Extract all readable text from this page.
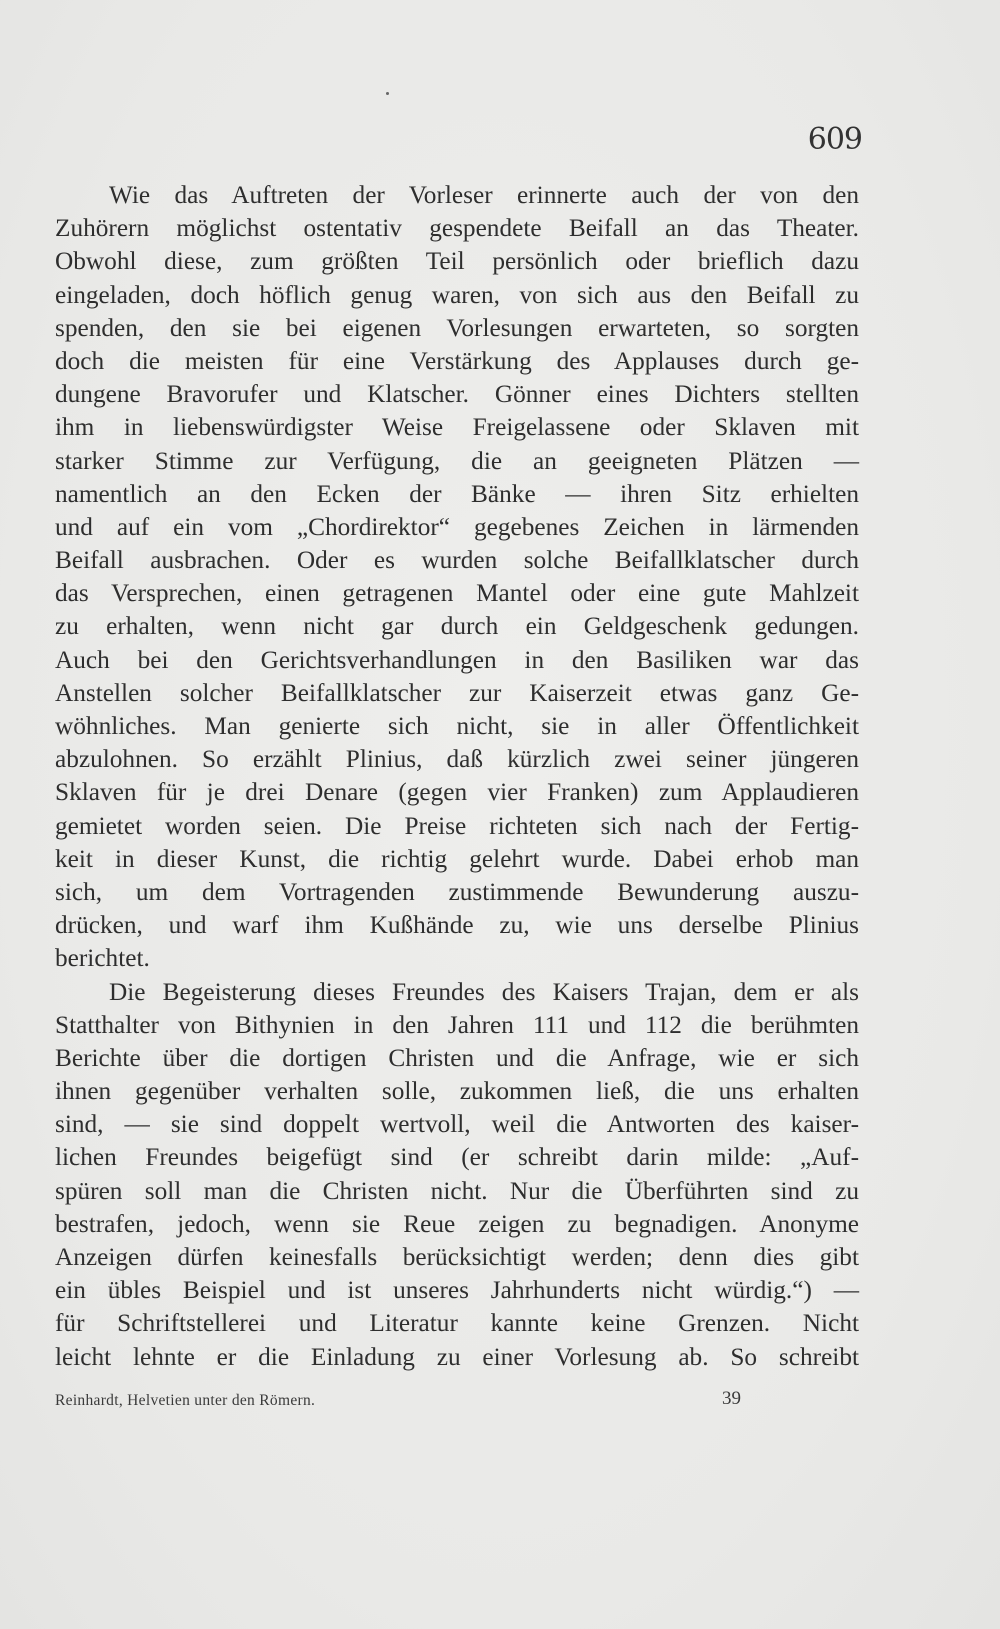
609
Wie das Auftreten der Vorleser erinnerte auch der von den
Zuhörern möglichst ostentativ gespendete Beifall an das Theater.
Obwohl diese, zum größten Teil persönlich oder brieflich dazu
eingeladen, doch höflich genug waren, von sich aus den Beifall zu
spenden, den sie bei eigenen Vorlesungen erwarteten, so sorgten
doch die meisten für eine Verstärkung des Applauses durch ge-
dungene Bravorufer und Klatscher. Gönner eines Dichters stellten
ihm in liebenswürdigster Weise Freigelassene oder Sklaven mit
starker Stimme zur Verfügung, die an geeigneten Plätzen —
namentlich an den Ecken der Bänke — ihren Sitz erhielten
und auf ein vom „Chordirektor“ gegebenes Zeichen in lärmenden
Beifall ausbrachen. Oder es wurden solche Beifallklatscher durch
das Versprechen, einen getragenen Mantel oder eine gute Mahlzeit
zu erhalten, wenn nicht gar durch ein Geldgeschenk gedungen.
Auch bei den Gerichtsverhandlungen in den Basiliken war das
Anstellen solcher Beifallklatscher zur Kaiserzeit etwas ganz Ge-
wöhnliches. Man genierte sich nicht, sie in aller Öffentlichkeit
abzulohnen. So erzählt Plinius, daß kürzlich zwei seiner jüngeren
Sklaven für je drei Denare (gegen vier Franken) zum Applaudieren
gemietet worden seien. Die Preise richteten sich nach der Fertig-
keit in dieser Kunst, die richtig gelehrt wurde. Dabei erhob man
sich, um dem Vortragenden zustimmende Bewunderung auszu-
drücken, und warf ihm Kußhände zu, wie uns derselbe Plinius
berichtet.
Die Begeisterung dieses Freundes des Kaisers Trajan, dem er als
Statthalter von Bithynien in den Jahren 111 und 112 die berühmten
Berichte über die dortigen Christen und die Anfrage, wie er sich
ihnen gegenüber verhalten solle, zukommen ließ, die uns erhalten
sind, — sie sind doppelt wertvoll, weil die Antworten des kaiser-
lichen Freundes beigefügt sind (er schreibt darin milde: „Auf-
spüren soll man die Christen nicht. Nur die Überführten sind zu
bestrafen, jedoch, wenn sie Reue zeigen zu begnadigen. Anonyme
Anzeigen dürfen keinesfalls berücksichtigt werden; denn dies gibt
ein übles Beispiel und ist unseres Jahrhunderts nicht würdig.“) —
für Schriftstellerei und Literatur kannte keine Grenzen. Nicht
leicht lehnte er die Einladung zu einer Vorlesung ab. So schreibt
Reinhardt, Helvetien unter den Römern.	39
